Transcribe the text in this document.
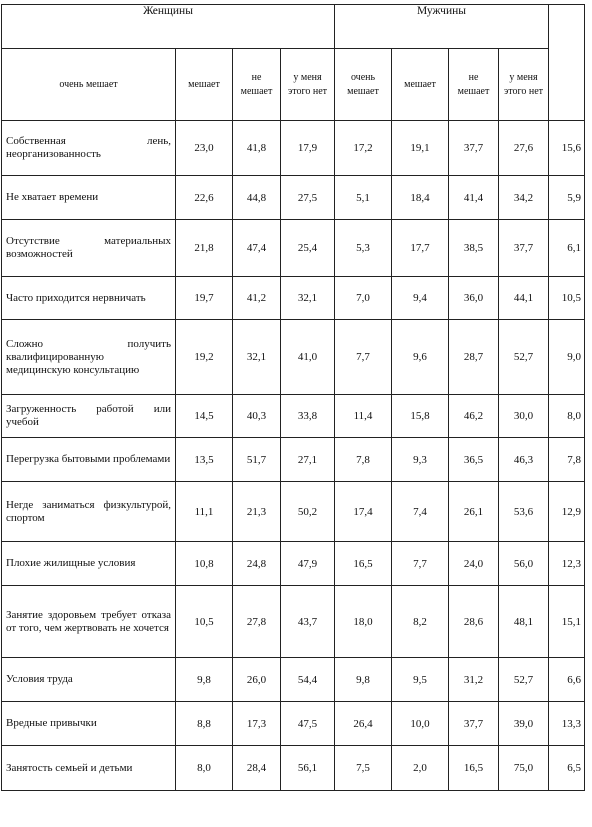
Женщины				Мужчины				
очень мешает	мешает	не мешает	у меня этого нет	очень мешает	мешает	не мешает	у меня этого нет	
Собственная лень, неорганизованность	23,0	41,8	17,9	17,2	19,1	37,7	27,6	15,6
Не хватает времени	22,6	44,8	27,5	5,1	18,4	41,4	34,2	5,9
Отсутствие материальных возможностей	21,8	47,4	25,4	5,3	17,7	38,5	37,7	6,1
Часто приходится нервничать	19,7	41,2	32,1	7,0	9,4	36,0	44,1	10,5
Сложно получить квалифицированную медицинскую консультацию	19,2	32,1	41,0	7,7	9,6	28,7	52,7	9,0
Загруженность работой или учебой	14,5	40,3	33,8	11,4	15,8	46,2	30,0	8,0
Перегрузка бытовыми проблемами	13,5	51,7	27,1	7,8	9,3	36,5	46,3	7,8
Негде заниматься физкультурой, спортом	11,1	21,3	50,2	17,4	7,4	26,1	53,6	12,9
Плохие жилищные условия	10,8	24,8	47,9	16,5	7,7	24,0	56,0	12,3
Занятие здоровьем требует отказа от того, чем жертвовать не хочется	10,5	27,8	43,7	18,0	8,2	28,6	48,1	15,1
Условия труда	9,8	26,0	54,4	9,8	9,5	31,2	52,7	6,6
Вредные привычки	8,8	17,3	47,5	26,4	10,0	37,7	39,0	13,3
Занятость семьей и детьми	8,0	28,4	56,1	7,5	2,0	16,5	75,0	6,5
